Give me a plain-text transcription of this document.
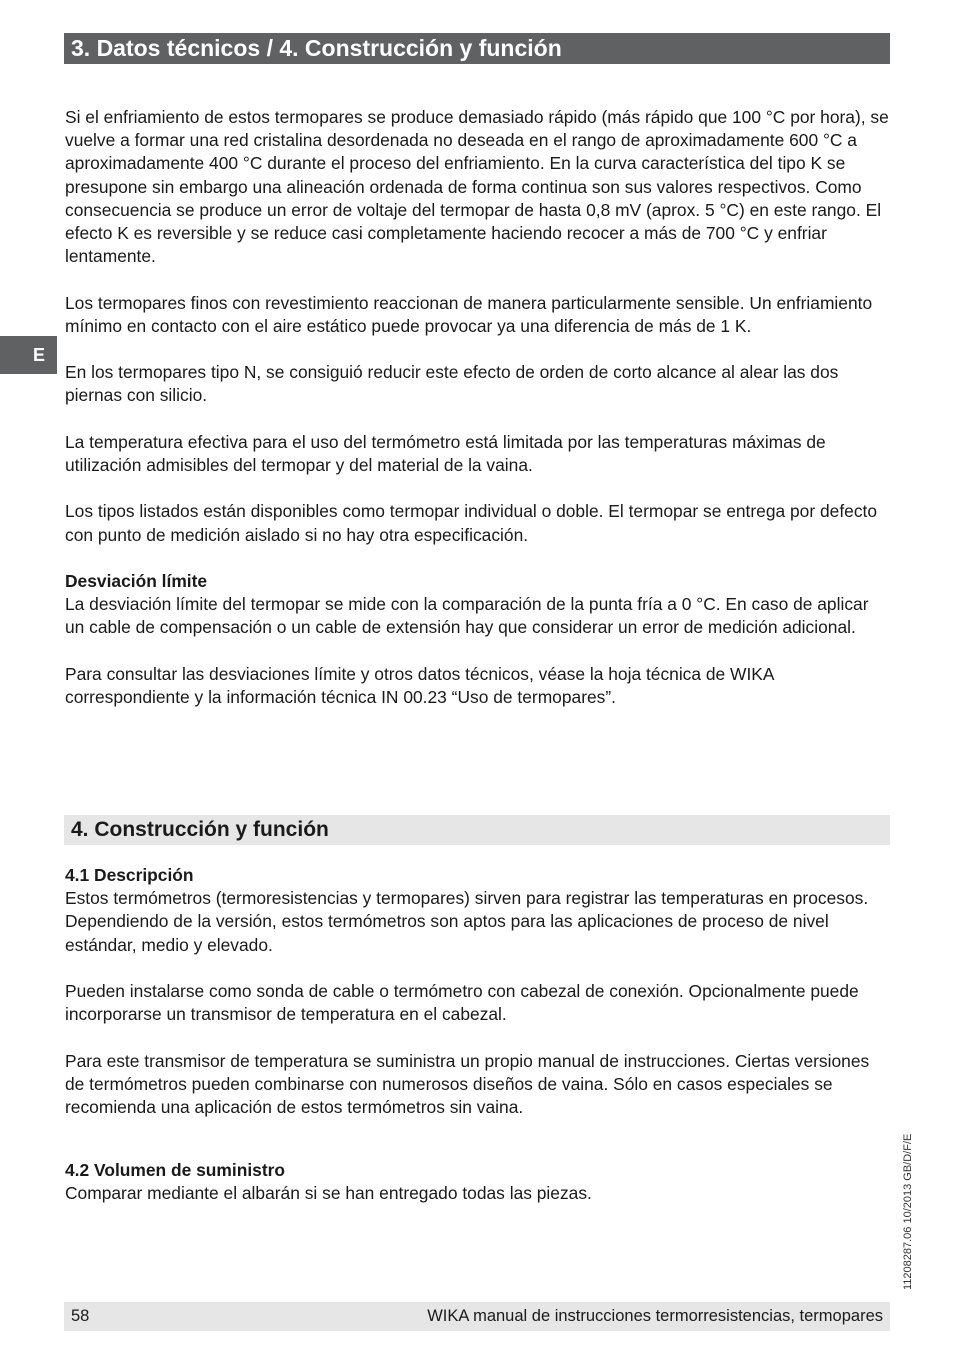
3. Datos técnicos / 4. Construcción y función
E

Si el enfriamiento de estos termopares se produce demasiado rápido (más rápido que 100 °C por hora), se vuelve a formar una red cristalina desordenada no deseada en el rango de aproximadamente 600 °C a aproximadamente 400 °C durante el proceso del enfriamiento. En la curva característica del tipo K se presupone sin embargo una alineación ordenada de forma continua son sus valores respectivos. Como consecuencia se produce un error de voltaje del termopar de hasta 0,8 mV (aprox. 5 °C) en este rango. El efecto K es reversible y se reduce casi completamente haciendo recocer a más de 700 °C y enfriar lentamente.

Los termopares finos con revestimiento reaccionan de manera particularmente sensible. Un enfriamiento mínimo en contacto con el aire estático puede provocar ya una diferencia de más de 1 K.

En los termopares tipo N, se consiguió reducir este efecto de orden de corto alcance al alear las dos piernas con silicio.

La temperatura efectiva para el uso del termómetro está limitada por las temperaturas máximas de utilización admisibles del termopar y del material de la vaina.

Los tipos listados están disponibles como termopar individual o doble. El termopar se entrega por defecto con punto de medición aislado si no hay otra especificación.

Desviación límite
La desviación límite del termopar se mide con la comparación de la punta fría a 0 °C. En caso de aplicar un cable de compensación o un cable de extensión hay que considerar un error de medición adicional.

Para consultar las desviaciones límite y otros datos técnicos, véase la hoja técnica de WIKA correspondiente y la información técnica IN 00.23 “Uso de termopares”.

4. Construcción y función

4.1 Descripción
Estos termómetros (termoresistencias y termopares) sirven para registrar las temperaturas en procesos. Dependiendo de la versión, estos termómetros son aptos para las aplicaciones de proceso de nivel estándar, medio y elevado.

Pueden instalarse como sonda de cable o termómetro con cabezal de conexión. Opcionalmente puede incorporarse un transmisor de temperatura en el cabezal.

Para este transmisor de temperatura se suministra un propio manual de instrucciones. Ciertas versiones de termómetros pueden combinarse con numerosos diseños de vaina. Sólo en casos especiales se recomienda una aplicación de estos termómetros sin vaina.

4.2 Volumen de suministro
Comparar mediante el albarán si se han entregado todas las piezas.	11208287.06 10/2013 GB/D/F/E
58	WIKA manual de instrucciones termorresistencias, termopares
